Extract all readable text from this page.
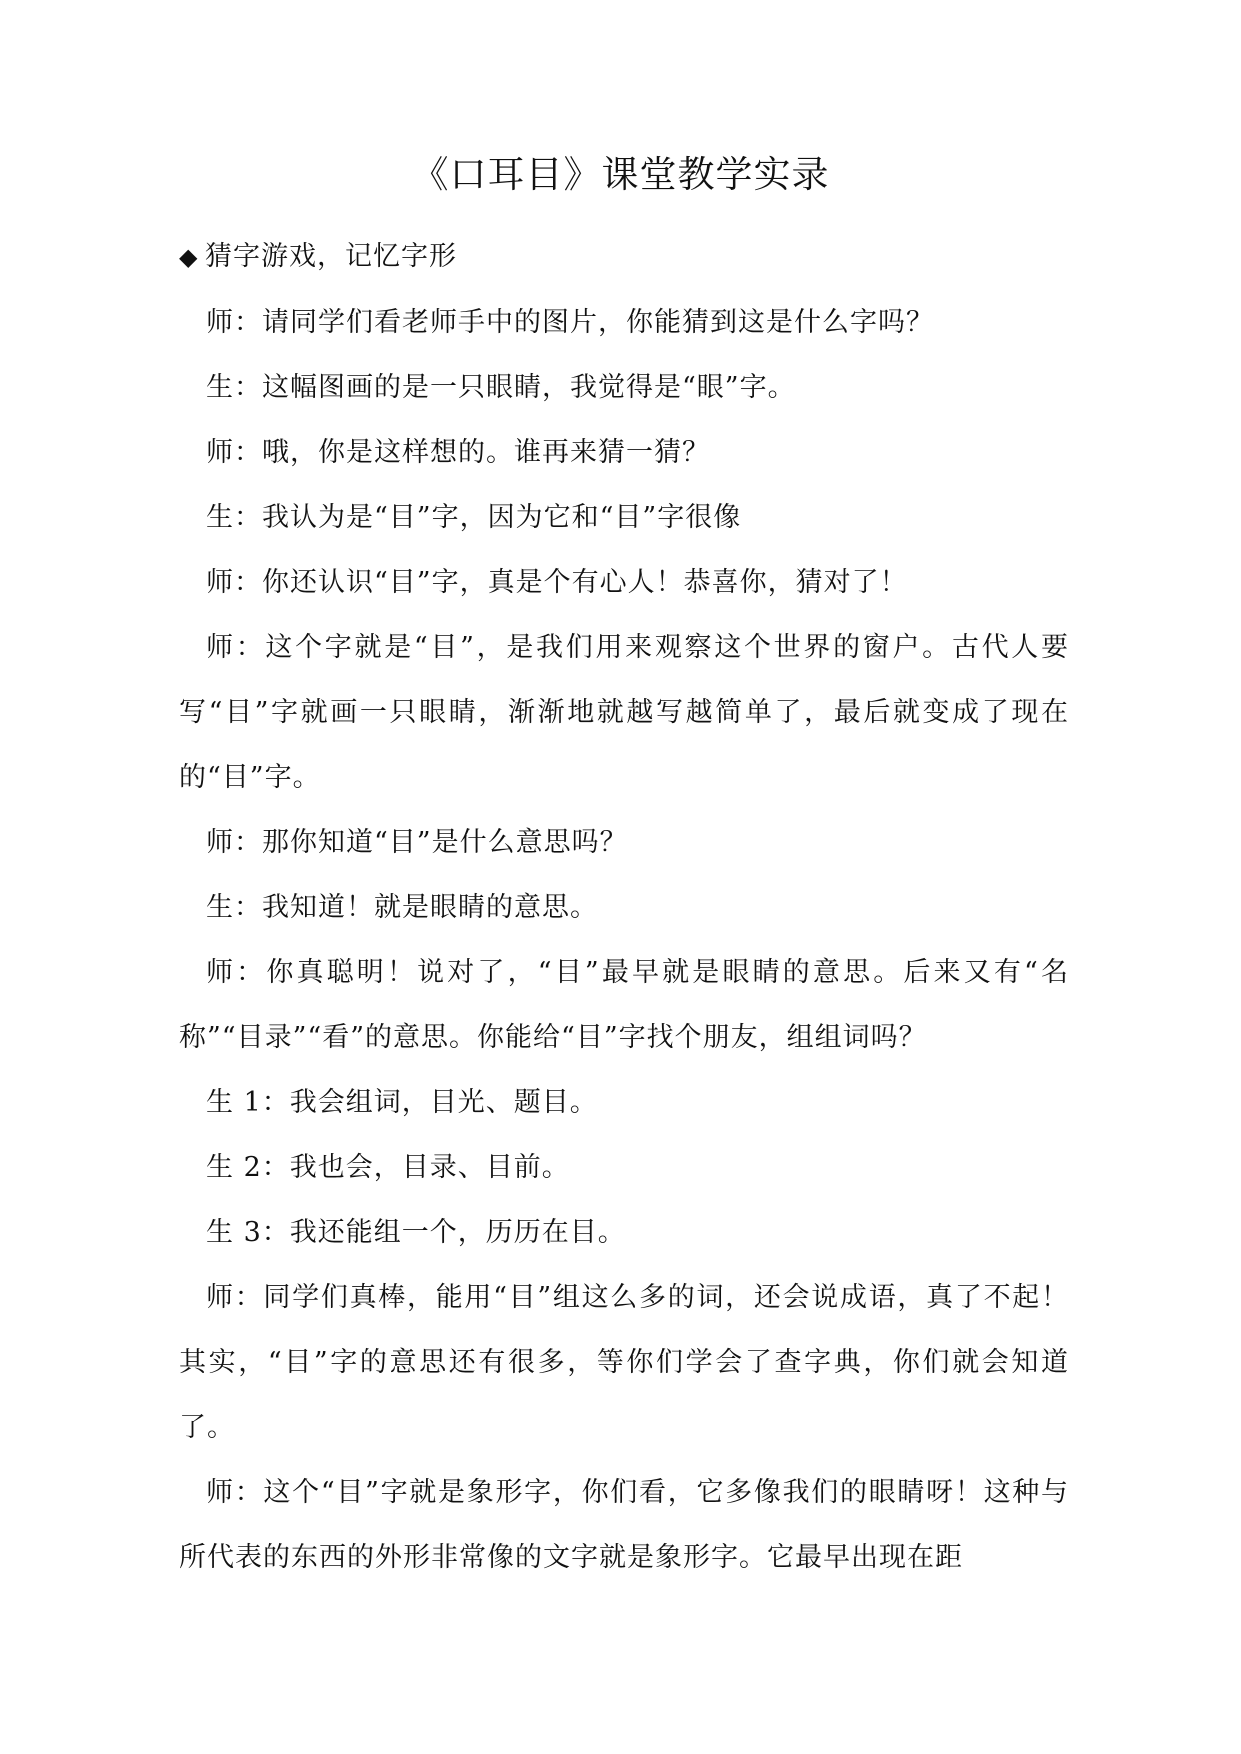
《口耳目》课堂教学实录

◆ 猜字游戏，记忆字形

师：请同学们看老师手中的图片，你能猜到这是什么字吗？

生：这幅图画的是一只眼睛，我觉得是“眼”字。

师：哦，你是这样想的。谁再来猜一猜？

生：我认为是“目”字，因为它和“目”字很像

师：你还认识“目”字，真是个有心人！恭喜你，猜对了！

师：这个字就是“目”，是我们用来观察这个世界的窗户。古代人要写“目”字就画一只眼睛，渐渐地就越写越简单了，最后就变成了现在的“目”字。

师：那你知道“目”是什么意思吗？

生：我知道！就是眼睛的意思。

师：你真聪明！说对了，“目”最早就是眼睛的意思。后来又有“名称”“目录”“看”的意思。你能给“目”字找个朋友，组组词吗？

生 1：我会组词，目光、题目。

生 2：我也会，目录、目前。

生 3：我还能组一个，历历在目。

师：同学们真棒，能用“目”组这么多的词，还会说成语，真了不起！其实，“目”字的意思还有很多，等你们学会了查字典，你们就会知道了。

师：这个“目”字就是象形字，你们看，它多像我们的眼睛呀！这种与所代表的东西的外形非常像的文字就是象形字。它最早出现在距
